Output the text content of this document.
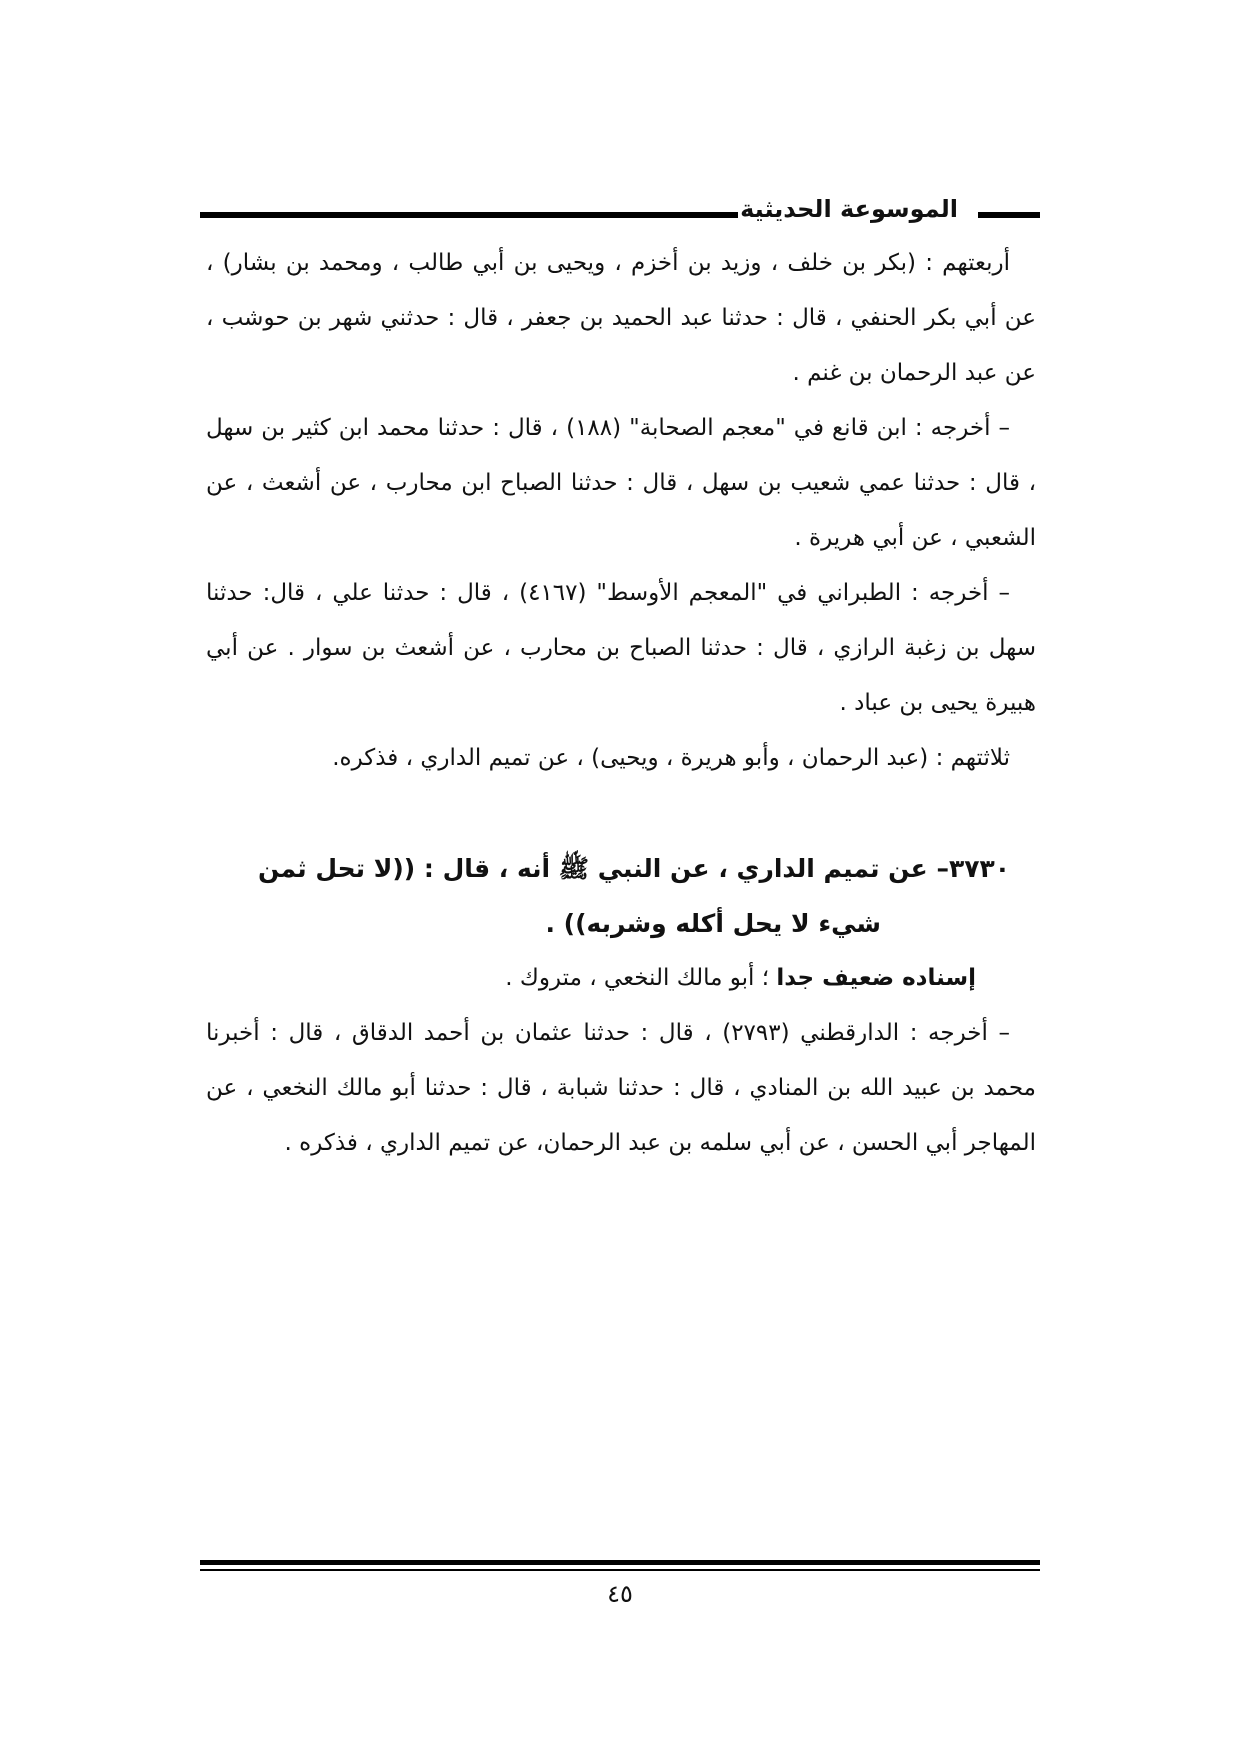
الموسوعة الحديثية

أربعتهم : (بكر بن خلف ، وزيد بن أخزم ، ويحيى بن أبي طالب ، ومحمد بن بشار) ، عن أبي بكر الحنفي ، قال : حدثنا عبد الحميد بن جعفر ، قال : حدثني شهر بن حوشب ، عن عبد الرحمان بن غنم .

– أخرجه : ابن قانع في "معجم الصحابة" (١٨٨) ، قال : حدثنا محمد ابن كثير بن سهل ، قال : حدثنا عمي شعيب بن سهل ، قال : حدثنا الصباح ابن محارب ، عن أشعث ، عن الشعبي ، عن أبي هريرة .

– أخرجه : الطبراني في "المعجم الأوسط" (٤١٦٧) ، قال : حدثنا علي ، قال: حدثنا سهل بن زغبة الرازي ، قال : حدثنا الصباح بن محارب ، عن أشعث بن سوار . عن أبي هبيرة يحيى بن عباد .

ثلاثتهم : (عبد الرحمان ، وأبو هريرة ، ويحيى) ، عن تميم الداري ، فذكره.

٣٧٣٠– عن تميم الداري ، عن النبي ﷺ أنه ، قال : ((لا تحل ثمن

شيء لا يحل أكله وشربه)) .

إسناده ضعيف جدا ؛ أبو مالك النخعي ، متروك .

– أخرجه : الدارقطني (٢٧٩٣) ، قال : حدثنا عثمان بن أحمد الدقاق ، قال : أخبرنا محمد بن عبيد الله بن المنادي ، قال : حدثنا شبابة ، قال : حدثنا أبو مالك النخعي ، عن المهاجر أبي الحسن ، عن أبي سلمه بن عبد الرحمان، عن تميم الداري ، فذكره .

٤٥
